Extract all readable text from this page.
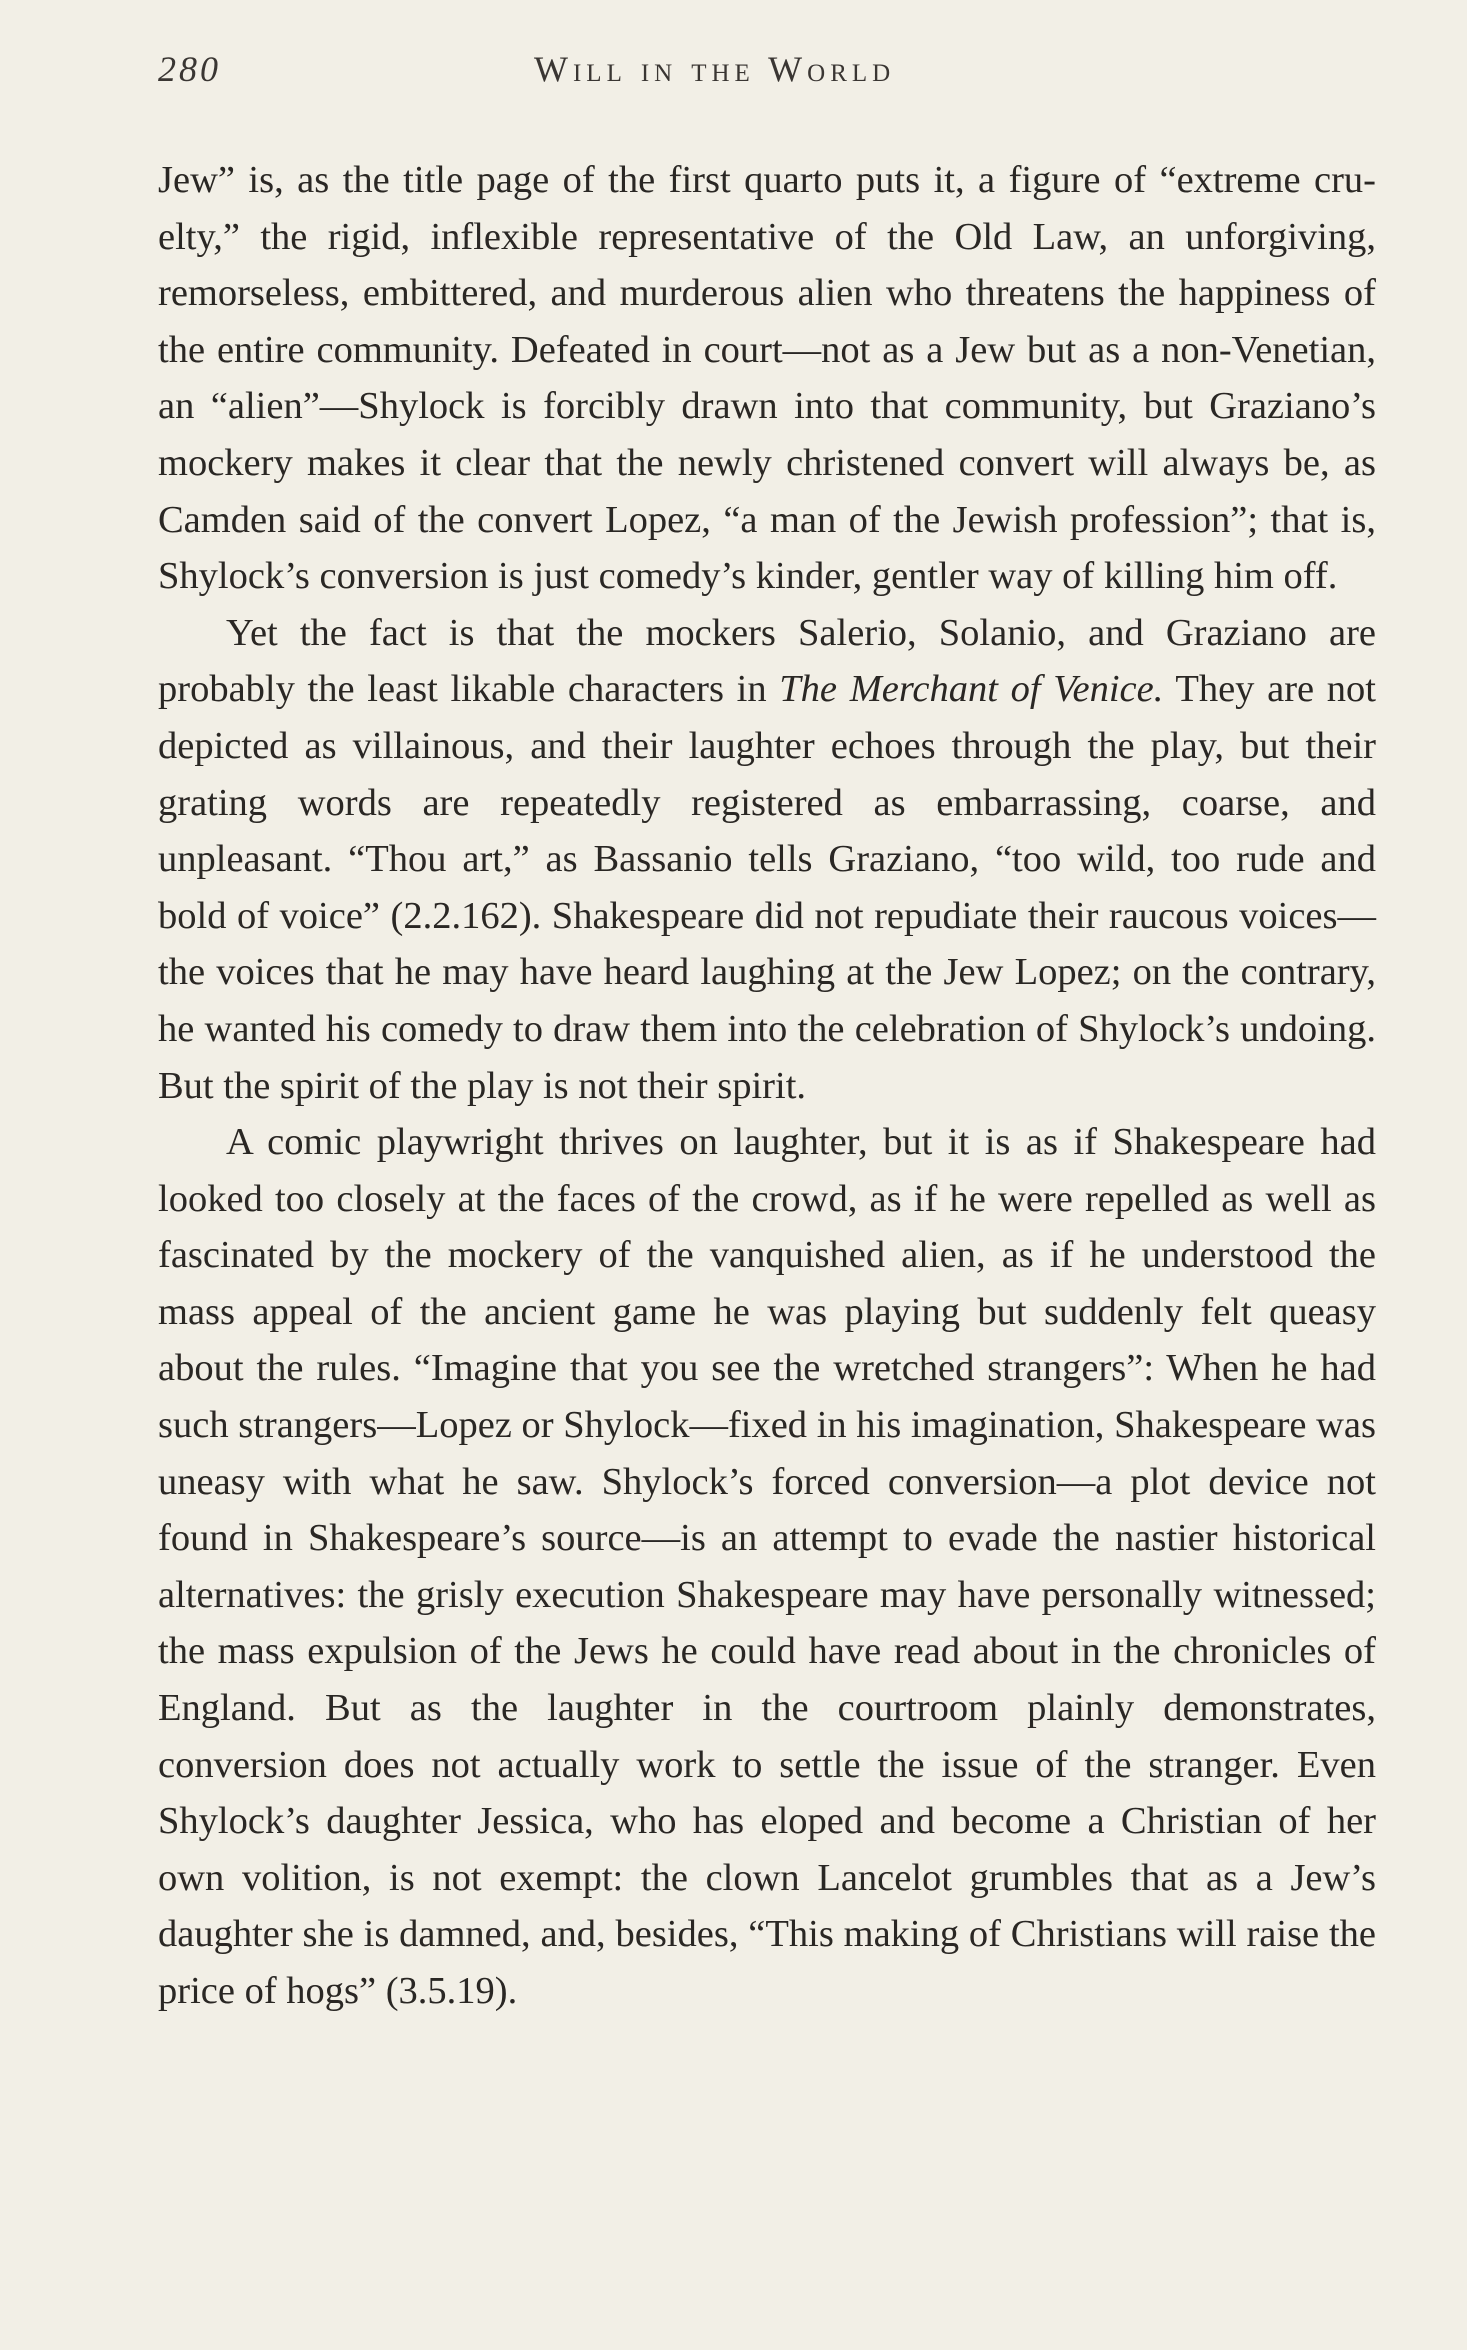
280	Will in the World

Jew” is, as the title page of the first quarto puts it, a figure of “extreme cruelty,” the rigid, inflexible representative of the Old Law, an unforgiving, remorseless, embittered, and murderous alien who threatens the happiness of the entire community. Defeated in court—not as a Jew but as a non-Venetian, an “alien”—Shylock is forcibly drawn into that community, but Graziano’s mockery makes it clear that the newly christened convert will always be, as Camden said of the convert Lopez, “a man of the Jewish profession”; that is, Shylock’s conversion is just comedy’s kinder, gentler way of killing him off.

Yet the fact is that the mockers Salerio, Solanio, and Graziano are probably the least likable characters in The Merchant of Venice. They are not depicted as villainous, and their laughter echoes through the play, but their grating words are repeatedly registered as embarrassing, coarse, and unpleasant. “Thou art,” as Bassanio tells Graziano, “too wild, too rude and bold of voice” (2.2.162). Shakespeare did not repudiate their raucous voices—the voices that he may have heard laughing at the Jew Lopez; on the contrary, he wanted his comedy to draw them into the celebration of Shylock’s undoing. But the spirit of the play is not their spirit.

A comic playwright thrives on laughter, but it is as if Shakespeare had looked too closely at the faces of the crowd, as if he were repelled as well as fascinated by the mockery of the vanquished alien, as if he understood the mass appeal of the ancient game he was playing but suddenly felt queasy about the rules. “Imagine that you see the wretched strangers”: When he had such strangers—Lopez or Shylock—fixed in his imagination, Shakespeare was uneasy with what he saw. Shylock’s forced conversion—a plot device not found in Shakespeare’s source—is an attempt to evade the nastier historical alternatives: the grisly execution Shakespeare may have personally witnessed; the mass expulsion of the Jews he could have read about in the chronicles of England. But as the laughter in the courtroom plainly demonstrates, conversion does not actually work to settle the issue of the stranger. Even Shylock’s daughter Jessica, who has eloped and become a Christian of her own volition, is not exempt: the clown Lancelot grumbles that as a Jew’s daughter she is damned, and, besides, “This making of Christians will raise the price of hogs” (3.5.19).
